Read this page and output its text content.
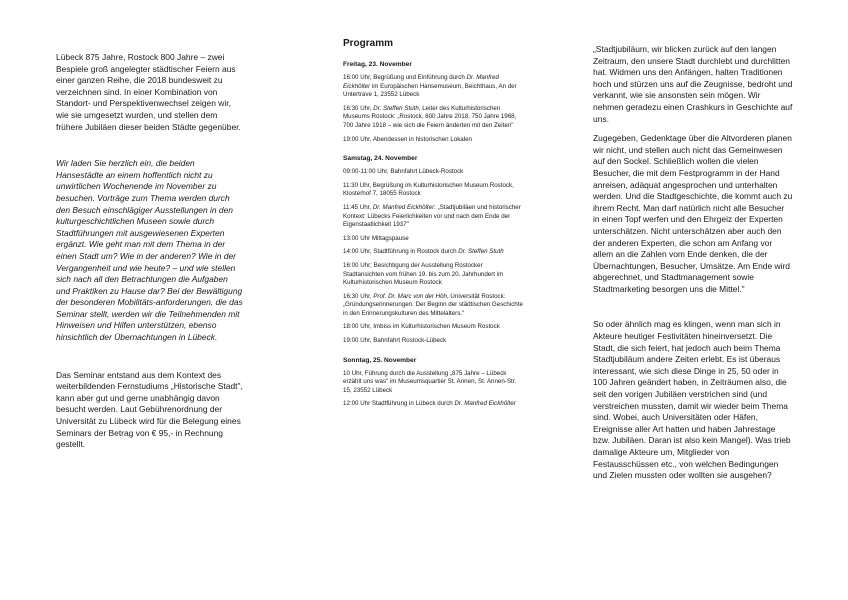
Lübeck 875 Jahre, Rostock 800 Jahre – zwei Bespiele groß angelegter städtischer Feiern aus einer ganzen Reihe, die 2018 bundesweit zu verzeichnen sind. In einer Kombination von Standort- und Perspektivenwechsel zeigen wir, wie sie umgesetzt wurden, und stellen dem frühere Jubiläen dieser beiden Städte gegenüber.

Wir laden Sie herzlich ein, die beiden Hansestädte an einem hoffentlich nicht zu unwirtlichen Wochenende im November zu besuchen. Vorträge zum Thema werden durch den Besuch einschlägiger Ausstellungen in den kulturgeschichtlichen Museen sowie durch Stadtführungen mit ausgewiesenen Experten ergänzt. Wie geht man mit dem Thema in der einen Stadt um? Wie in der anderen? Wie in der Vergangenheit und wie heute? – und wie stellen sich nach all den Betrachtungen die Aufgaben und Praktiken zu Hause dar? Bei der Bewältigung der besonderen Mobilitäts-anforderungen, die das Seminar stellt, werden wir die Teilnehmenden mit Hinweisen und Hilfen unterstützen, ebenso hinsichtlich der Übernachtungen in Lübeck.

Das Seminar entstand aus dem Kontext des weiterbildenden Fernstudiums „Historische Stadt", kann aber gut und gerne unabhängig davon besucht werden. Laut Gebührenordnung der Universität zu Lübeck wird für die Belegung eines Seminars der Betrag von € 95,- in Rechnung gestellt.

Programm
Freitag, 23. November
16:00 Uhr, Begrüßung und Einführung durch Dr. Manfred Eickhölter im Europäischen Hansemuseum, Beichthaus, An der Untertrave 1, 23552 Lübeck
16:30 Uhr, Dr. Steffen Stuth, Leiter des Kulturhistorischen Museums Rostock: „Rostock, 800 Jahre 2018, 750 Jahre 1968, 700 Jahre 1918 – wie sich die Feiern änderten mit den Zeiten"
19:00 Uhr, Abendessen in historischen Lokalen
Samstag, 24. November
09:00-11:00 Uhr, Bahnfahrt Lübeck-Rostock
11:30 Uhr, Begrüßung im Kulturhistorischen Museum Rostock, Klosterhof 7, 18055 Rostock
11:45 Uhr, Dr. Manfred Eickhölter: „Stadtjubiläen und historischer Kontext: Lübecks Feierlichkeiten vor und nach dem Ende der Eigenstaatlichkeit 1937"
13:00 Uhr Mittagspause
14:00 Uhr, Stadtführung in Rostock durch Dr. Steffen Stuth
16:00 Uhr; Besichtigung der Ausstellung Rostocker Stadtansichten vom frühen 19. bis zum 20. Jahrhundert im Kulturhistorischen Museum Rostock
16:30 Uhr, Prof. Dr. Marc von der Höh, Universität Rostock: „Gründungserinnerungen. Der Beginn der städtischen Geschichte in den Erinnerungskulturen des Mittelalters."
18:00 Uhr, Imbiss im Kulturhistorischen Museum Rostock
19:00 Uhr, Bahnfahrt Rostock-Lübeck
Sonntag, 25. November
10 Uhr, Führung durch die Ausstellung „875 Jahre – Lübeck erzählt uns was" im Museumsquartier St. Annen, St. Annen-Str. 15, 23552 Lübeck
12:00 Uhr Stadtführung in Lübeck durch Dr. Manfred Eickhölter

„Stadtjubiläum, wir blicken zurück auf den langen Zeitraum, den unsere Stadt durchlebt und durchlitten hat. Widmen uns den Anfängen, halten Traditionen hoch und stürzen uns auf die Zeugnisse, bedroht und verkannt, wie sie ansonsten sein mögen. Wir nehmen geradezu einen Crashkurs in Geschichte auf uns.

Zugegeben, Gedenktage über die Altvorderen planen wir nicht, und stellen auch nicht das Gemeinwesen auf den Sockel. Schließlich wollen die vielen Besucher, die mit dem Festprogramm in der Hand anreisen, adäquat angesprochen und unterhalten werden. Und die Stadtgeschichte, die kommt auch zu ihrem Recht. Man darf natürlich nicht alle Besucher in einen Topf werfen und den Ehrgeiz der Experten unterschätzen. Nicht unterschätzen aber auch den der anderen Experten, die schon am Anfang vor allem an die Zahlen vom Ende denken, die der Übernachtungen, Besucher, Umsätze. Am Ende wird abgerechnet, und Stadtmanagement sowie Stadtmarketing besorgen uns die Mittel."

So oder ähnlich mag es klingen, wenn man sich in Akteure heutiger Festivitäten hineinversetzt. Die Stadt, die sich feiert, hat jedoch auch beim Thema Stadtjubiläum andere Zeiten erlebt. Es ist überaus interessant, wie sich diese Dinge in 25, 50 oder in 100 Jahren geändert haben, in Zeiträumen also, die seit den vorigen Jubiläen verstrichen sind (und verstreichen mussten, damit wir wieder beim Thema sind. Wobei, auch Universitäten oder Häfen, Ereignisse aller Art hatten und haben Jahrestage bzw. Jubiläen. Daran ist also kein Mangel). Was trieb damalige Akteure um, Mitglieder von Festausschüssen etc., von welchen Bedingungen und Zielen mussten oder wollten sie ausgehen?
